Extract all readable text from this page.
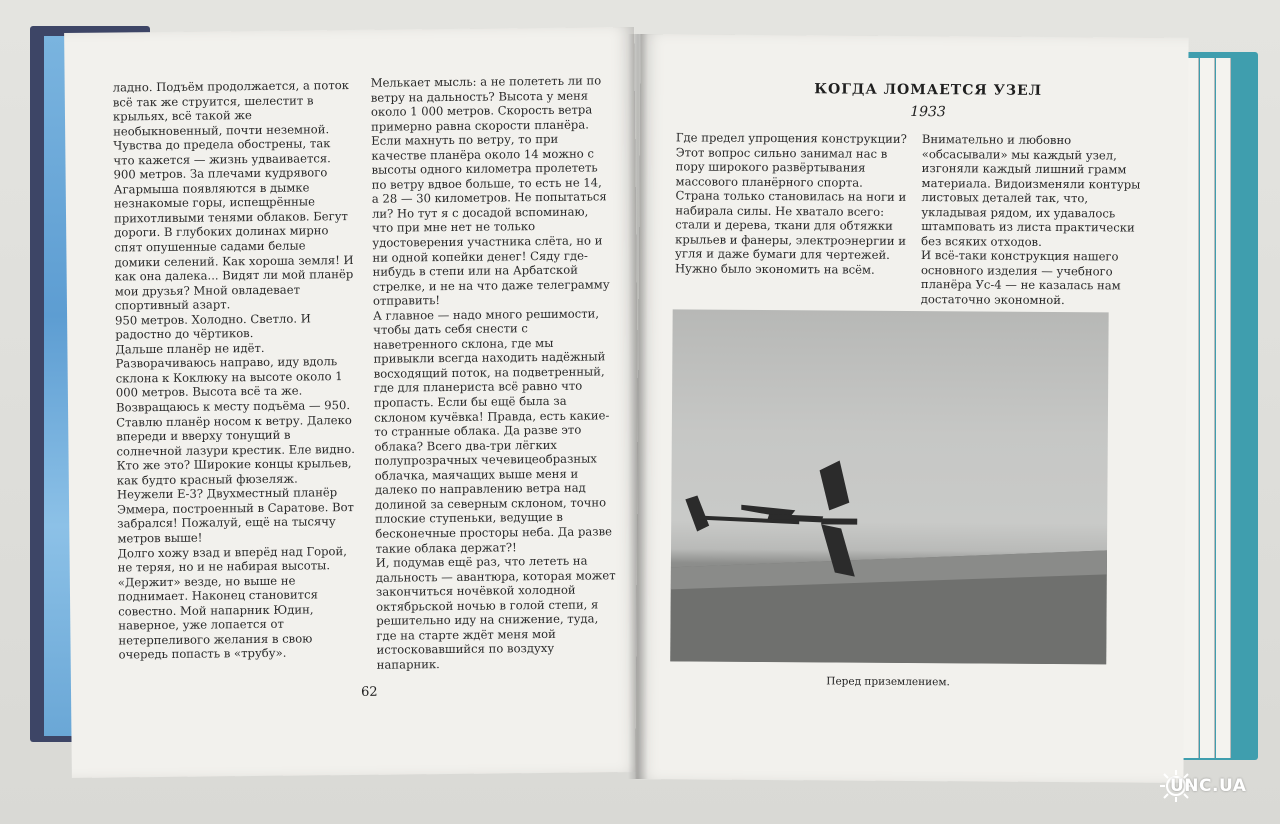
ладно. Подъём продолжается, а поток всё так же струится, шелестит в крыльях, всё такой же необыкновенный, почти неземной.
Чувства до предела обострены, так что кажется — жизнь удваивается.
900 метров. За плечами кудрявого Агармыша появляются в дымке незнакомые горы, испещрённые прихотливыми тенями облаков. Бегут дороги. В глубоких долинах мирно спят опушенные садами белые домики селений. Как хороша земля! И как она далека... Видят ли мой планёр мои друзья? Мной овладевает спортивный азарт.
950 метров. Холодно. Светло. И радостно до чёртиков.
Дальше планёр не идёт. Разворачиваюсь направо, иду вдоль склона к Коклюку на высоте около 1 000 метров. Высота всё та же. Возвращаюсь к месту подъёма — 950. Ставлю планёр носом к ветру. Далеко впереди и вверху тонущий в солнечной лазури крестик. Еле видно. Кто же это? Широкие концы крыльев, как будто красный фюзеляж. Неужели Е-3? Двухместный планёр Эммера, построенный в Саратове. Вот забрался! Пожалуй, ещё на тысячу метров выше!
Долго хожу взад и вперёд над Горой, не теряя, но и не набирая высоты. «Держит» везде, но выше не поднимает. Наконец становится совестно. Мой напарник Юдин, наверное, уже лопается от нетерпеливого желания в свою очередь попасть в «трубу».

Мелькает мысль: а не полететь ли по ветру на дальность? Высота у меня около 1 000 метров. Скорость ветра примерно равна скорости планёра. Если махнуть по ветру, то при качестве планёра около 14 можно с высоты одного километра пролететь по ветру вдвое больше, то есть не 14, а 28 — 30 километров. Не попытаться ли? Но тут я с досадой вспоминаю, что при мне нет не только удостоверения участника слёта, но и ни одной копейки денег! Сяду где-нибудь в степи или на Арбатской стрелке, и не на что даже телеграмму отправить!
А главное — надо много решимости, чтобы дать себя снести с наветренного склона, где мы привыкли всегда находить надёжный восходящий поток, на подветренный, где для планериста всё равно что пропасть. Если бы ещё была за склоном кучёвка! Правда, есть какие-то странные облака. Да разве это облака? Всего два-три лёгких полупрозрачных чечевицеобразных облачка, маячащих выше меня и далеко по направлению ветра над долиной за северным склоном, точно плоские ступеньки, ведущие в бесконечные просторы неба. Да разве такие облака держат?!
И, подумав ещё раз, что лететь на дальность — авантюра, которая может закончиться ночёвкой холодной октябрьской ночью в голой степи, я решительно иду на снижение, туда, где на старте ждёт меня мой истосковавшийся по воздуху напарник.

62
КОГДА ЛОМАЕТСЯ УЗЕЛ
1933

Где предел упрощения конструкции? Этот вопрос сильно занимал нас в пору широкого развёртывания массового планёрного спорта.
Страна только становилась на ноги и набирала силы. Не хватало всего: стали и дерева, ткани для обтяжки крыльев и фанеры, электроэнергии и угля и даже бумаги для чертежей. Нужно было экономить на всём.

Внимательно и любовно «обсасывали» мы каждый узел, изгоняли каждый лишний грамм материала. Видоизменяли контуры листовых деталей так, что, укладывая рядом, их удавалось штамповать из листа практически без всяких отходов.
И всё-таки конструкция нашего основного изделия — учебного планёра Ус-4 — не казалась нам достаточно экономной.

Перед приземлением.
UNC.UA
